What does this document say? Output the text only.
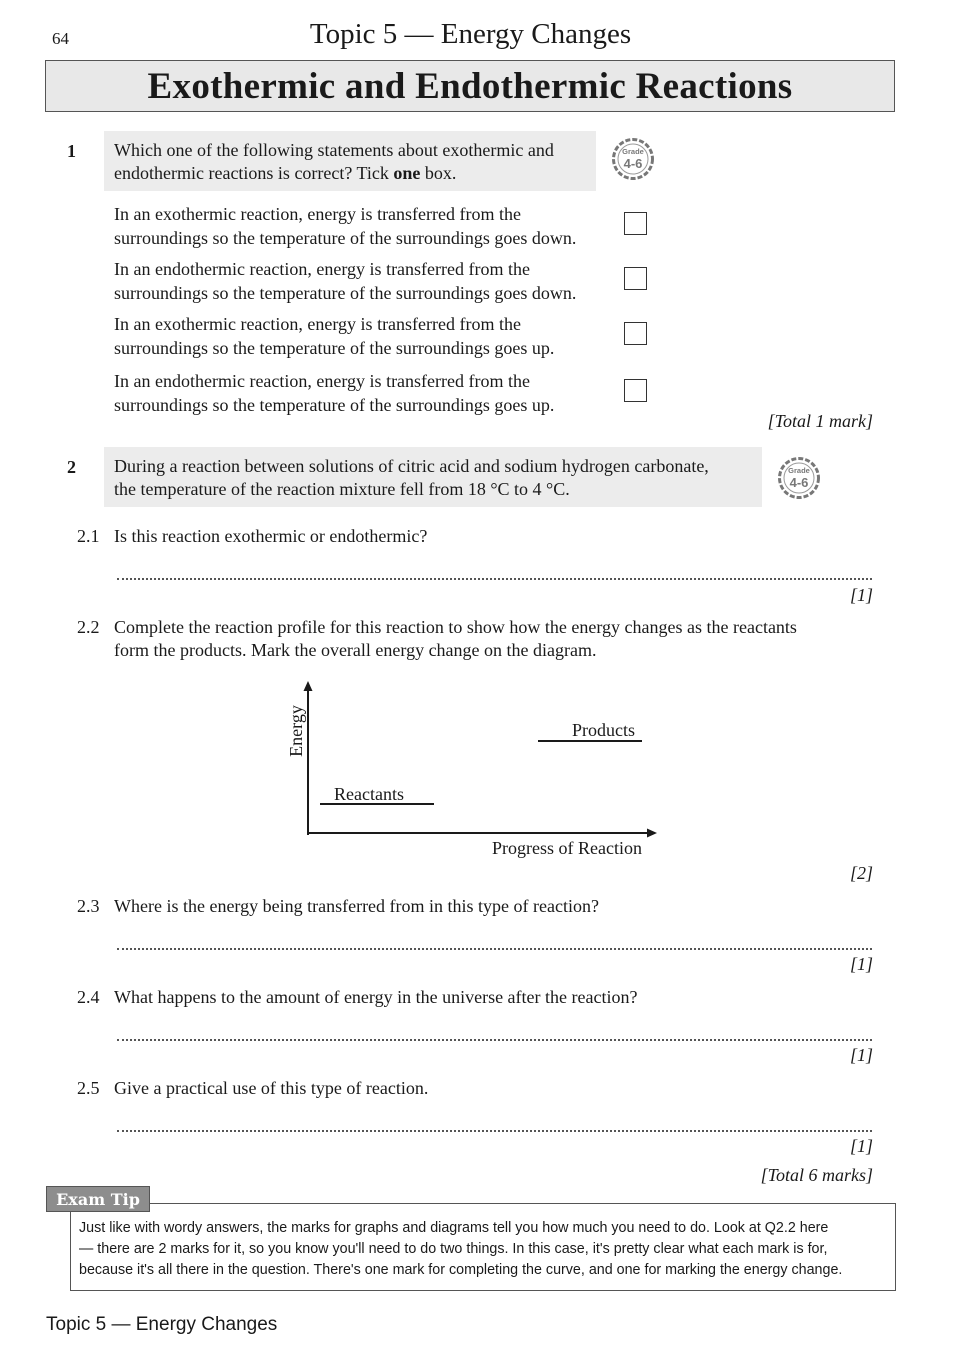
64	Topic 5 — Energy Changes
Exothermic and Endothermic Reactions
1 Which one of the following statements about exothermic and
endothermic reactions is correct? Tick one box.
Grade
4-6
In an exothermic reaction, energy is transferred from the
surroundings so the temperature of the surroundings goes down.
In an endothermic reaction, energy is transferred from the
surroundings so the temperature of the surroundings goes down.
In an exothermic reaction, energy is transferred from the
surroundings so the temperature of the surroundings goes up.
In an endothermic reaction, energy is transferred from the
surroundings so the temperature of the surroundings goes up.
[Total 1 mark]
2 During a reaction between solutions of citric acid and sodium hydrogen carbonate,
the temperature of the reaction mixture fell from 18 °C to 4 °C.
Grade
4-6
2.1 Is this reaction exothermic or endothermic?
[1]
2.2 Complete the reaction profile for this reaction to show how the energy changes as the reactants
form the products. Mark the overall energy change on the diagram.
Energy
Reactants
Products
Progress of Reaction
[2]
2.3 Where is the energy being transferred from in this type of reaction?
[1]
2.4 What happens to the amount of energy in the universe after the reaction?
[1]
2.5 Give a practical use of this type of reaction.
[1]
[Total 6 marks]
Just like with wordy answers, the marks for graphs and diagrams tell you how much you need to do. Look at Q2.2 here
— there are 2 marks for it, so you know you'll need to do two things. In this case, it's pretty clear what each mark is for,
because it's all there in the question. There's one mark for completing the curve, and one for marking the energy change.
Exam Tip
Topic 5 — Energy Changes
